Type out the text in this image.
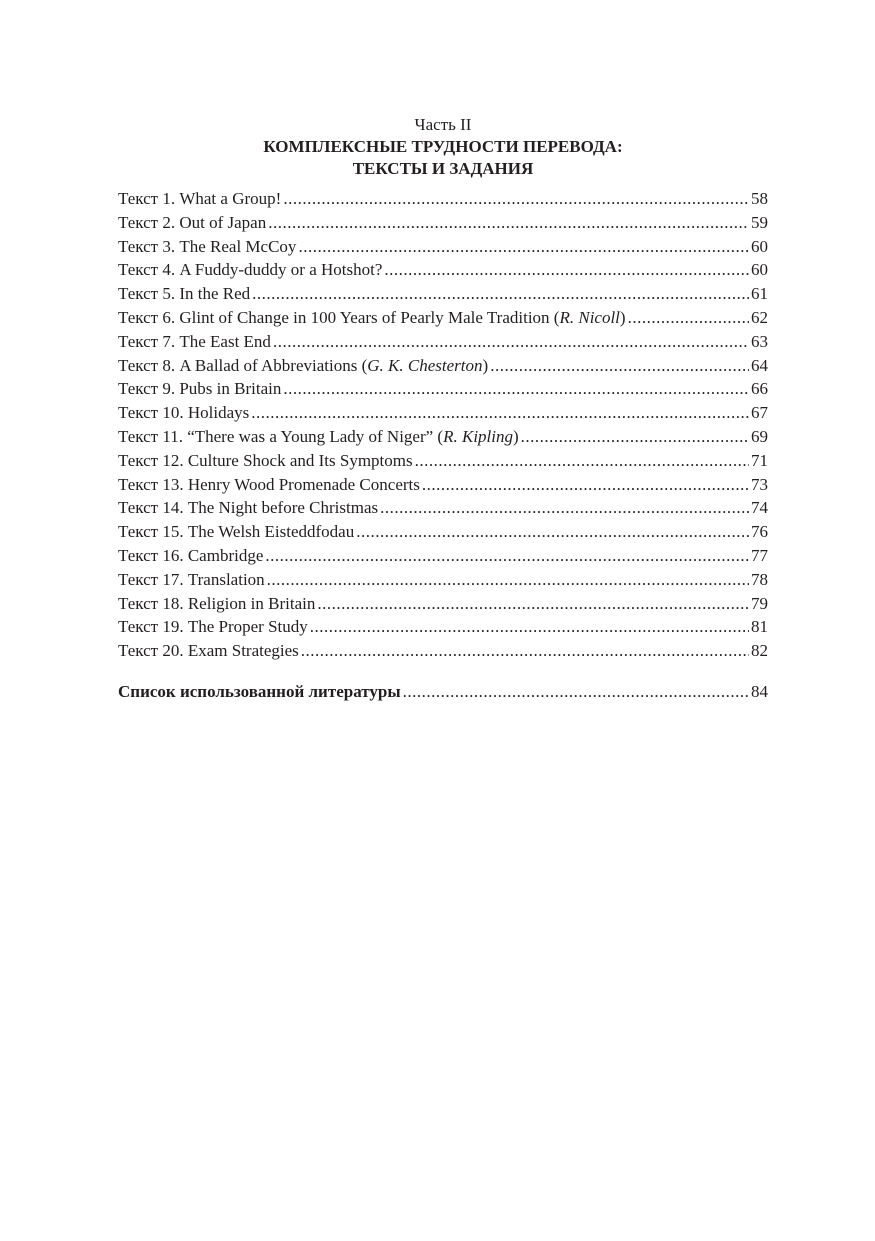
Часть II
КОМПЛЕКСНЫЕ ТРУДНОСТИ ПЕРЕВОДА:
ТЕКСТЫ И ЗАДАНИЯ
Текст 1. What a Group! .....	58
Текст 2. Out of Japan .....	59
Текст 3. The Real McCoy .....	60
Текст 4. A Fuddy-duddy or a Hotshot? .....	60
Текст 5. In the Red .....	61
Текст 6. Glint of Change in 100 Years of Pearly Male Tradition (R. Nicoll) .....	62
Текст 7. The East End .....	63
Текст 8. A Ballad of Abbreviations (G. K. Chesterton) .....	64
Текст 9. Pubs in Britain .....	66
Текст 10. Holidays .....	67
Текст 11. “There was a Young Lady of Niger” (R. Kipling) .....	69
Текст 12. Culture Shock and Its Symptoms .....	71
Текст 13. Henry Wood Promenade Concerts .....	73
Текст 14. The Night before Christmas .....	74
Текст 15. The Welsh Eisteddfodau .....	76
Текст 16. Cambridge .....	77
Текст 17. Translation .....	78
Текст 18. Religion in Britain .....	79
Текст 19. The Proper Study .....	81
Текст 20. Exam Strategies .....	82
Список использованной литературы .....	84
